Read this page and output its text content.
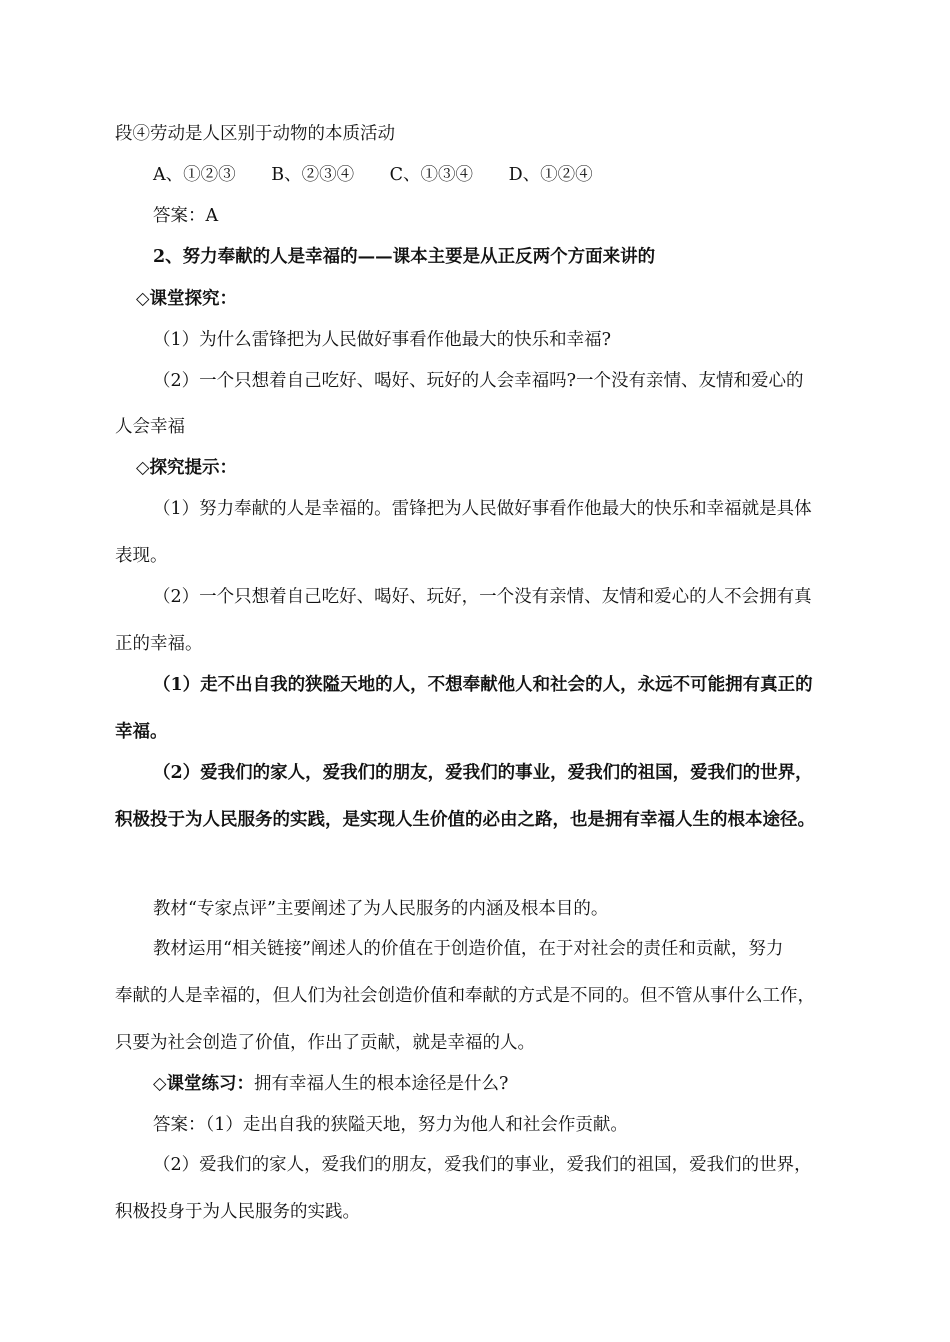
段④劳动是人区别于动物的本质活动
A、①②③ B、②③④ C、①③④ D、①②④
答案：A
2、努力奉献的人是幸福的——课本主要是从正反两个方面来讲的
◇课堂探究：
（1）为什么雷锋把为人民做好事看作他最大的快乐和幸福?
（2）一个只想着自己吃好、喝好、玩好的人会幸福吗?一个没有亲情、友情和爱心的
人会幸福
◇探究提示：
（1）努力奉献的人是幸福的。雷锋把为人民做好事看作他最大的快乐和幸福就是具体
表现。
（2）一个只想着自己吃好、喝好、玩好，一个没有亲情、友情和爱心的人不会拥有真
正的幸福。
（1）走不出自我的狭隘天地的人，不想奉献他人和社会的人，永远不可能拥有真正的
幸福。
（2）爱我们的家人，爱我们的朋友，爱我们的事业，爱我们的祖国，爱我们的世界，
积极投于为人民服务的实践，是实现人生价值的必由之路，也是拥有幸福人生的根本途径。
教材“专家点评”主要阐述了为人民服务的内涵及根本目的。
教材运用“相关链接”阐述人的价值在于创造价值，在于对社会的责任和贡献，努力
奉献的人是幸福的，但人们为社会创造价值和奉献的方式是不同的。但不管从事什么工作，
只要为社会创造了价值，作出了贡献，就是幸福的人。
◇课堂练习：拥有幸福人生的根本途径是什么?
答案：（1）走出自我的狭隘天地，努力为他人和社会作贡献。
（2）爱我们的家人，爱我们的朋友，爱我们的事业，爱我们的祖国，爱我们的世界，
积极投身于为人民服务的实践。
